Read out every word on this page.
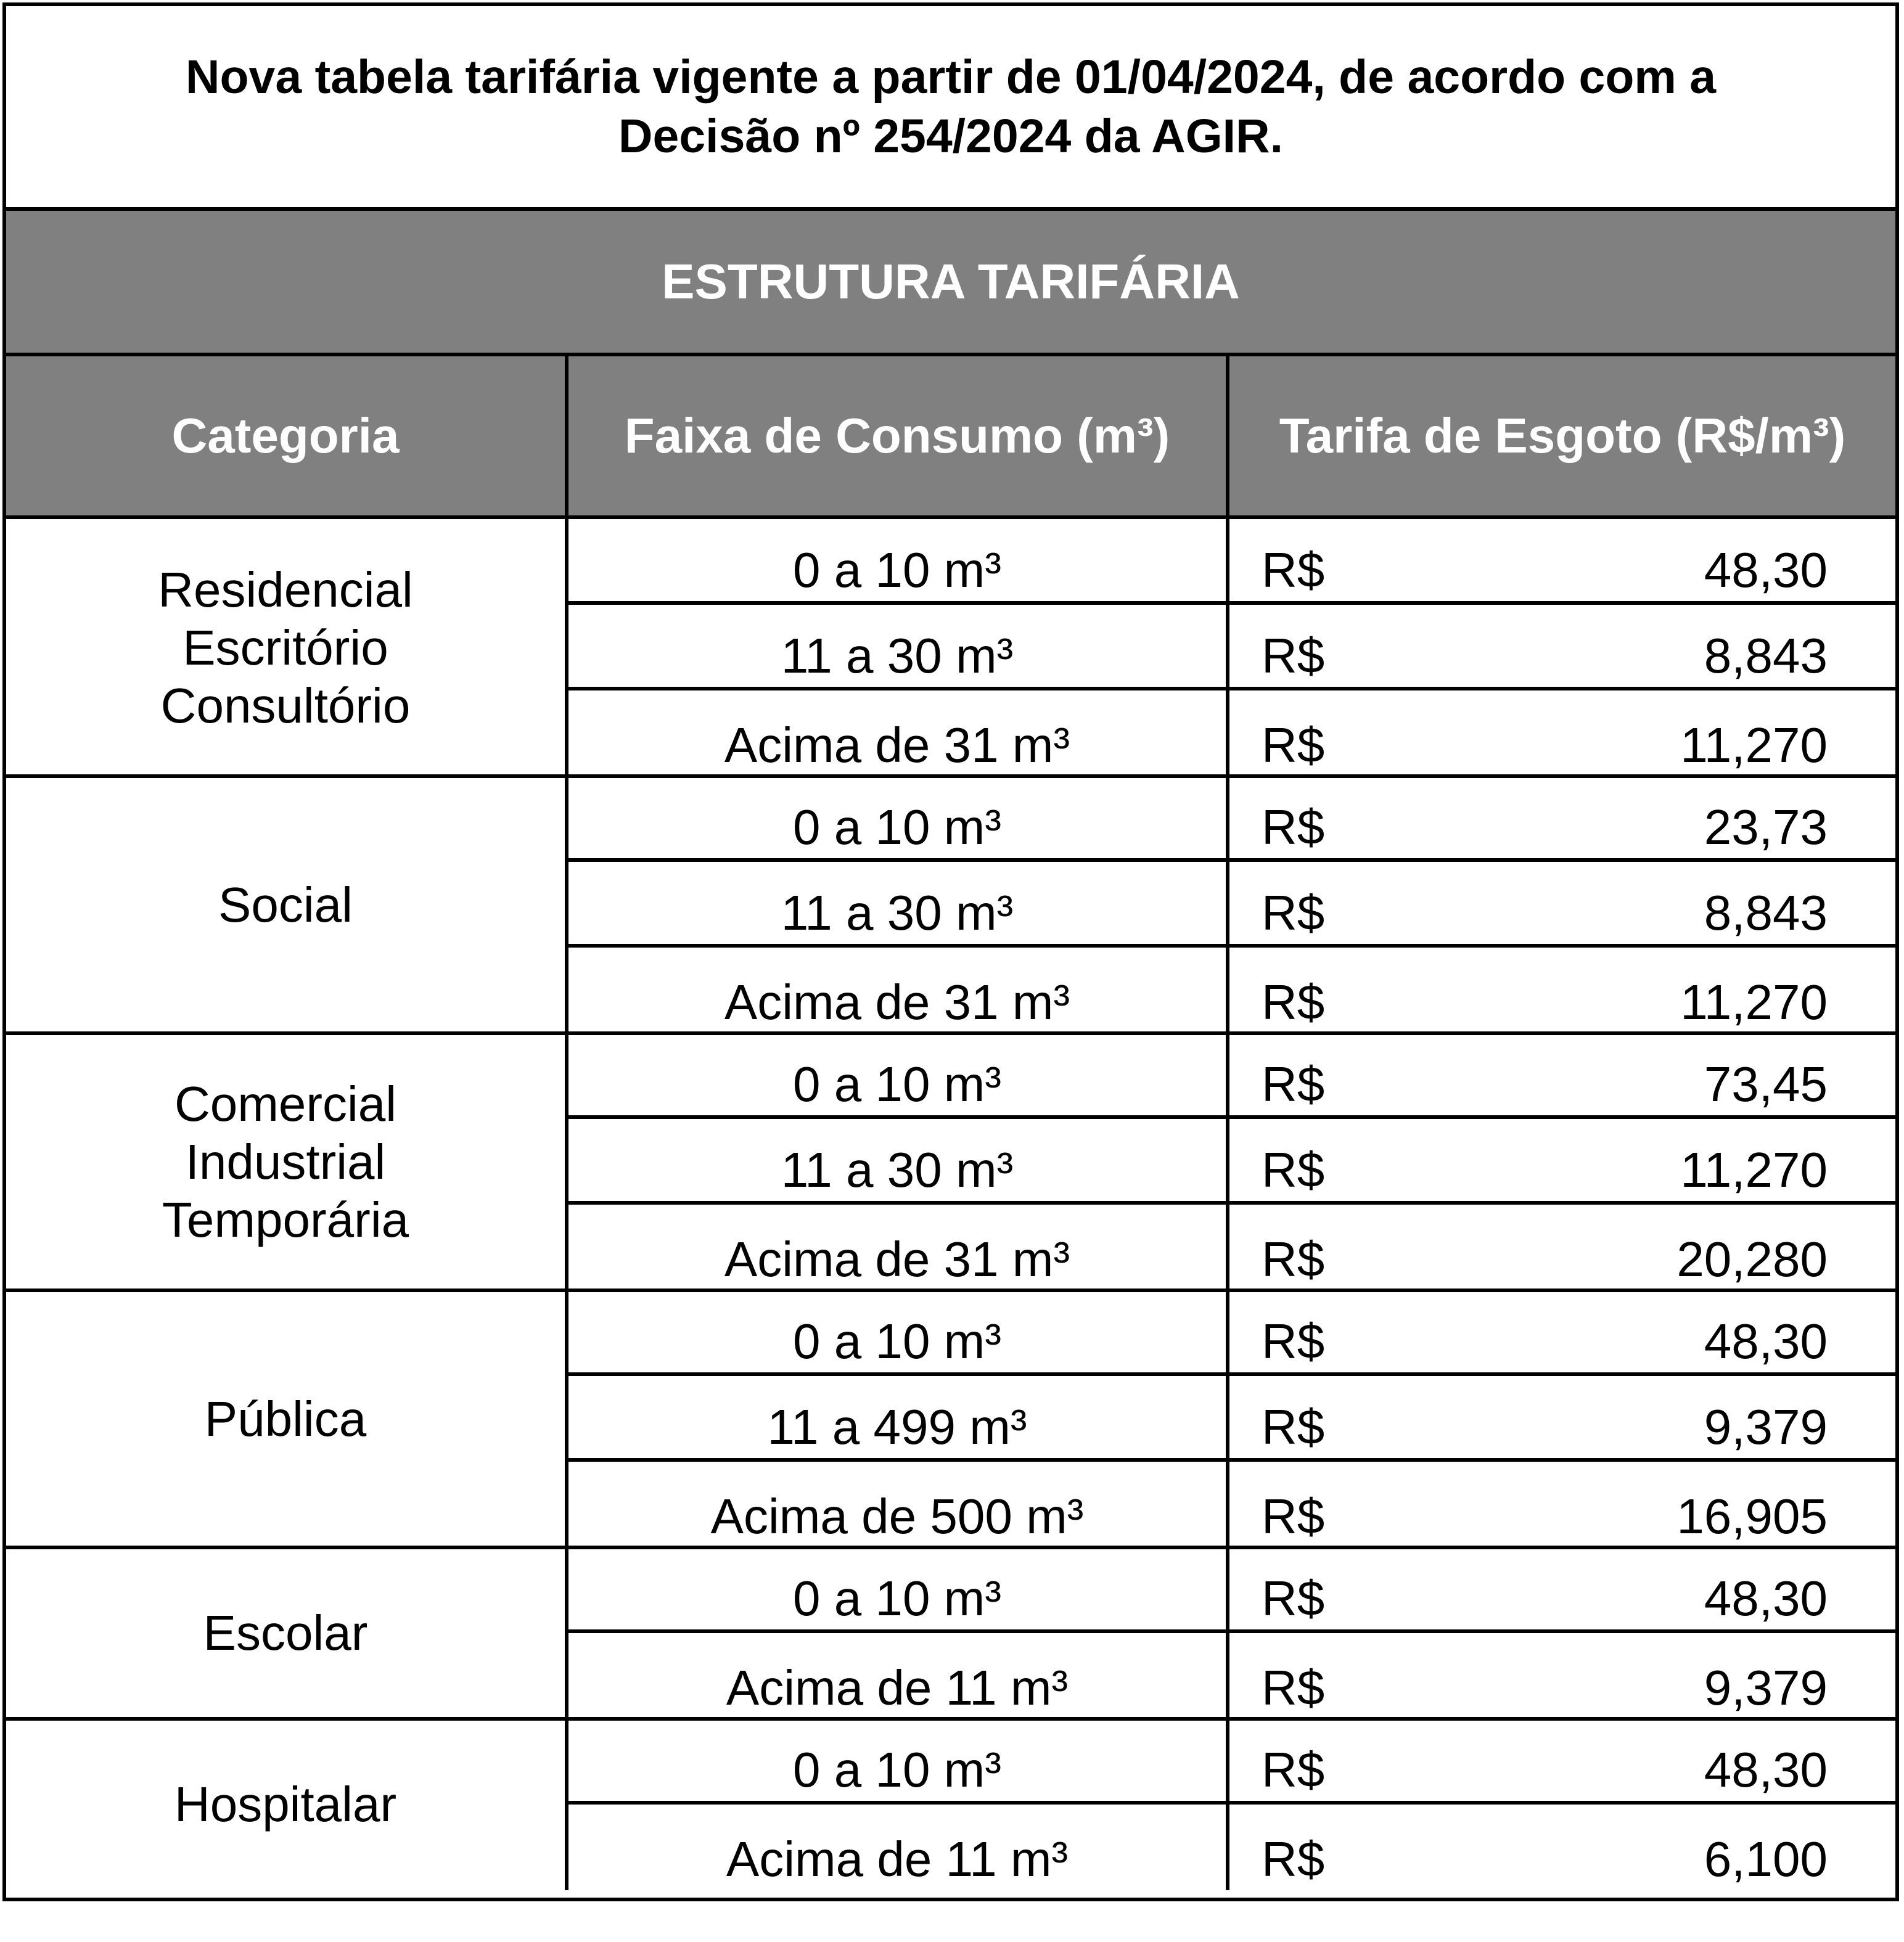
Nova tabela tarifária vigente a partir de 01/04/2024, de acordo com a
Decisão nº 254/2024 da AGIR.
ESTRUTURA TARIFÁRIA
Categoria	Faixa de Consumo (m³)	Tarifa de Esgoto (R$/m³)
Residencial
Escritório
Consultório
0 a 10 m³	R$	48,30
11 a 30 m³	R$	8,843
Acima de 31 m³	R$	11,270
Social
0 a 10 m³	R$	23,73
11 a 30 m³	R$	8,843
Acima de 31 m³	R$	11,270
Comercial
Industrial
Temporária
0 a 10 m³	R$	73,45
11 a 30 m³	R$	11,270
Acima de 31 m³	R$	20,280
Pública
0 a 10 m³	R$	48,30
11 a 499 m³	R$	9,379
Acima de 500 m³	R$	16,905
Escolar
0 a 10 m³	R$	48,30
Acima de 11 m³	R$	9,379
Hospitalar
0 a 10 m³	R$	48,30
Acima de 11 m³	R$	6,100
